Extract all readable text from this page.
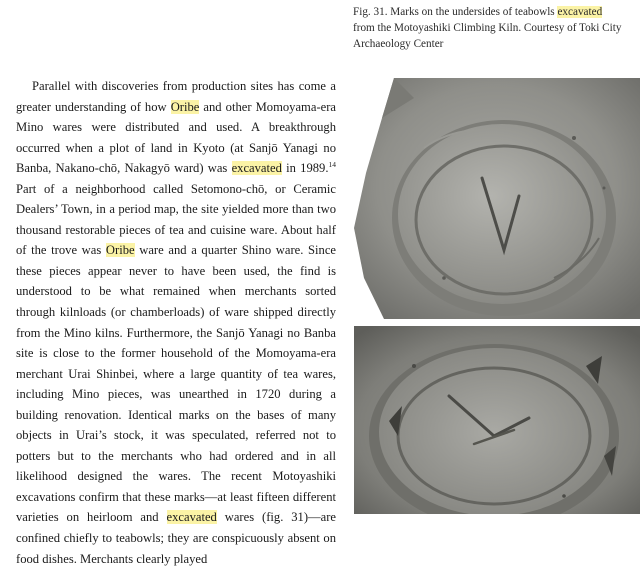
Fig. 31. Marks on the undersides of teabowls excavated from the Motoyashiki Climbing Kiln. Courtesy of Toki City Archaeology Center

Parallel with discoveries from production sites has come a greater understanding of how Oribe and other Momoyama-era Mino wares were distributed and used. A breakthrough occurred when a plot of land in Kyoto (at Sanjō Yanagi no Banba, Nakano-chō, Nakagyō ward) was excavated in 1989.14 Part of a neighborhood called Setomono-chō, or Ceramic Dealers’ Town, in a period map, the site yielded more than two thousand restorable pieces of tea and cuisine ware. About half of the trove was Oribe ware and a quarter Shino ware. Since these pieces appear never to have been used, the find is understood to be what remained when merchants sorted through kilnloads (or chamberloads) of ware shipped directly from the Mino kilns. Furthermore, the Sanjō Yanagi no Banba site is close to the former household of the Momoyama-era merchant Urai Shinbei, where a large quantity of tea wares, including Mino pieces, was unearthed in 1720 during a building renovation. Identical marks on the bases of many objects in Urai’s stock, it was speculated, referred not to potters but to the merchants who had ordered and in all likelihood designed the wares. The recent Motoyashiki excavations confirm that these marks—at least fifteen different varieties on heirloom and excavated wares (fig. 31)—are confined chiefly to teabowls; they are conspicuously absent on food dishes. Merchants clearly played
